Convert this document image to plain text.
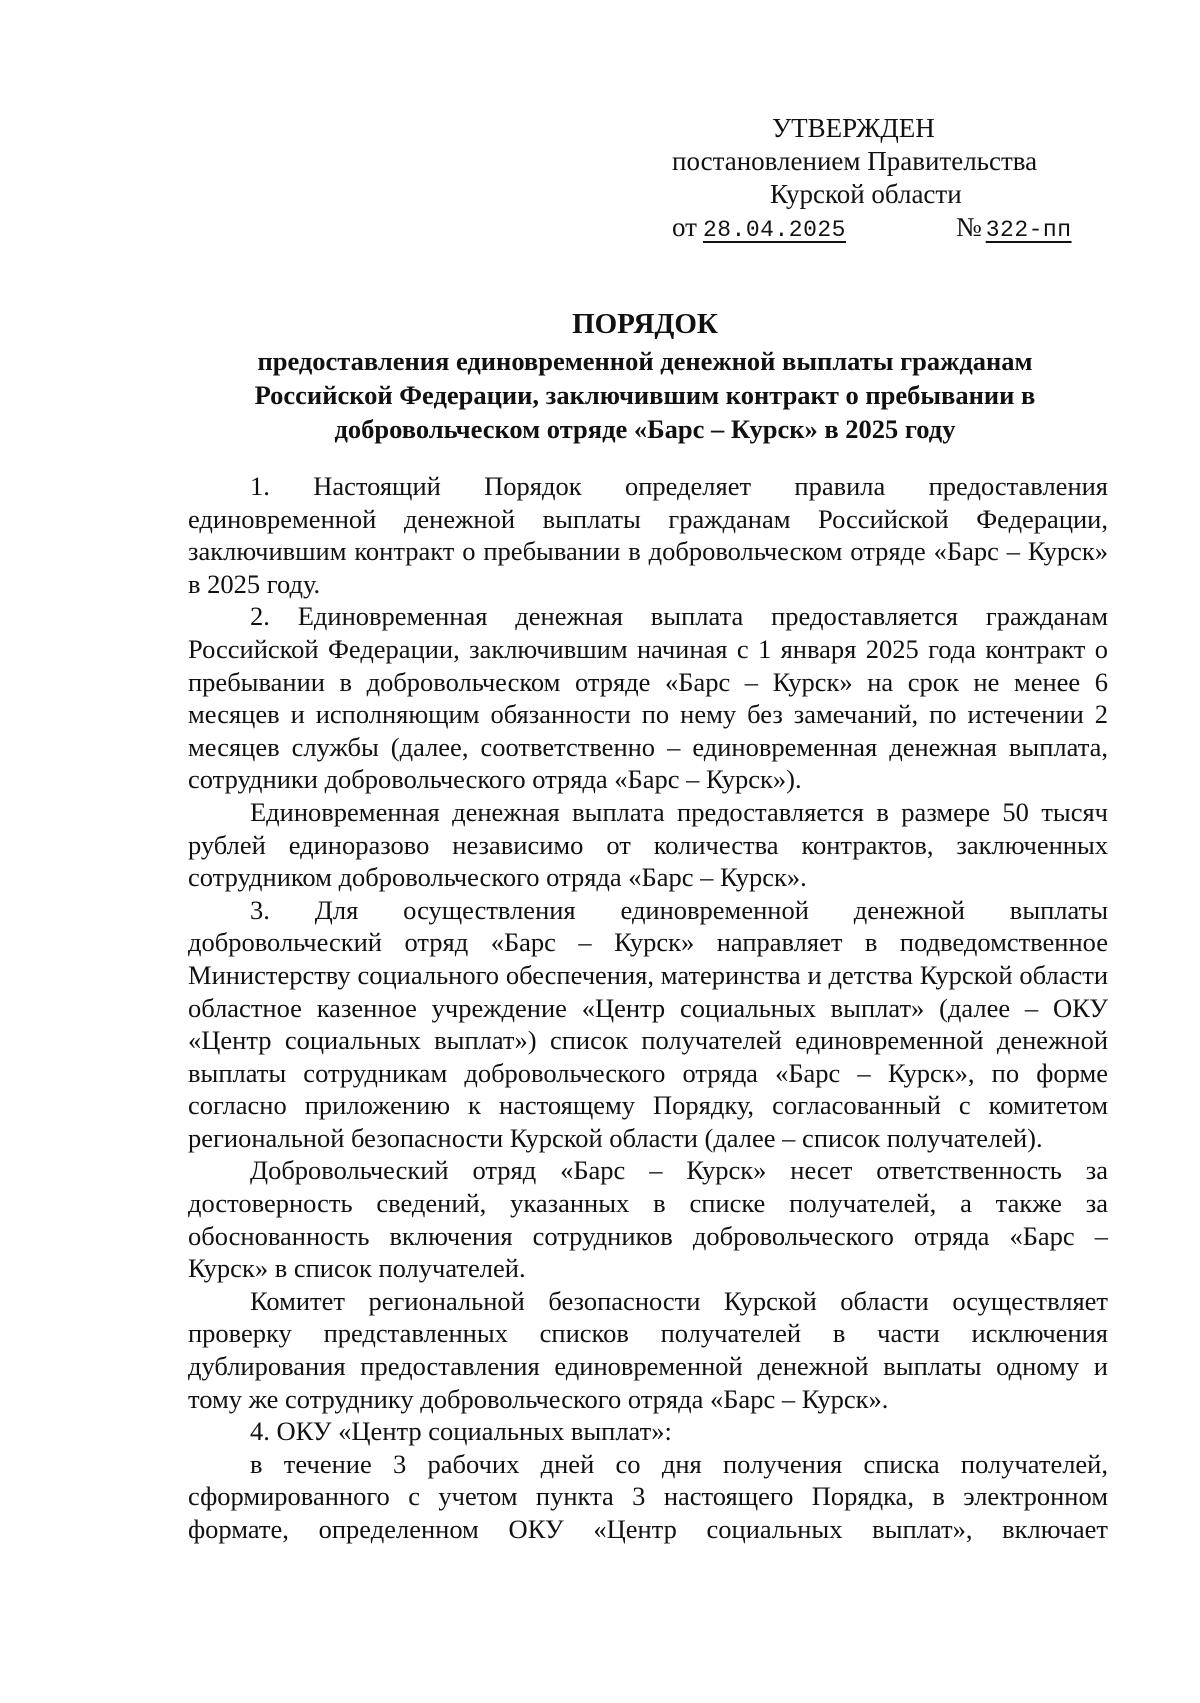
УТВЕРЖДЕН
постановлением Правительства
Курской области
от 28.04.2025	№ 322-пп
ПОРЯДОК
предоставления единовременной денежной выплаты гражданам Российской Федерации, заключившим контракт о пребывании в добровольческом отряде «Барс – Курск» в 2025 году

1. Настоящий Порядок определяет правила предоставления единовременной денежной выплаты гражданам Российской Федерации, заключившим контракт о пребывании в добровольческом отряде «Барс – Курск» в 2025 году.

2. Единовременная денежная выплата предоставляется гражданам Российской Федерации, заключившим начиная с 1 января 2025 года контракт о пребывании в добровольческом отряде «Барс – Курск» на срок не менее 6 месяцев и исполняющим обязанности по нему без замечаний, по истечении 2 месяцев службы (далее, соответственно – единовременная денежная выплата, сотрудники добровольческого отряда «Барс – Курск»).

Единовременная денежная выплата предоставляется в размере 50 тысяч рублей единоразово независимо от количества контрактов, заключенных сотрудником добровольческого отряда «Барс – Курск».

3. Для осуществления единовременной денежной выплаты добровольческий отряд «Барс – Курск» направляет в подведомственное Министерству социального обеспечения, материнства и детства Курской области областное казенное учреждение «Центр социальных выплат» (далее – ОКУ «Центр социальных выплат») список получателей единовременной денежной выплаты сотрудникам добровольческого отряда «Барс – Курск», по форме согласно приложению к настоящему Порядку, согласованный с комитетом региональной безопасности Курской области (далее – список получателей).

Добровольческий отряд «Барс – Курск» несет ответственность за достоверность сведений, указанных в списке получателей, а также за обоснованность включения сотрудников добровольческого отряда «Барс – Курск» в список получателей.

Комитет региональной безопасности Курской области осуществляет проверку представленных списков получателей в части исключения дублирования предоставления единовременной денежной выплаты одному и тому же сотруднику добровольческого отряда «Барс – Курск».

4. ОКУ «Центр социальных выплат»:

в течение 3 рабочих дней со дня получения списка получателей, сформированного с учетом пункта 3 настоящего Порядка, в электронном формате, определенном ОКУ «Центр социальных выплат», включает
